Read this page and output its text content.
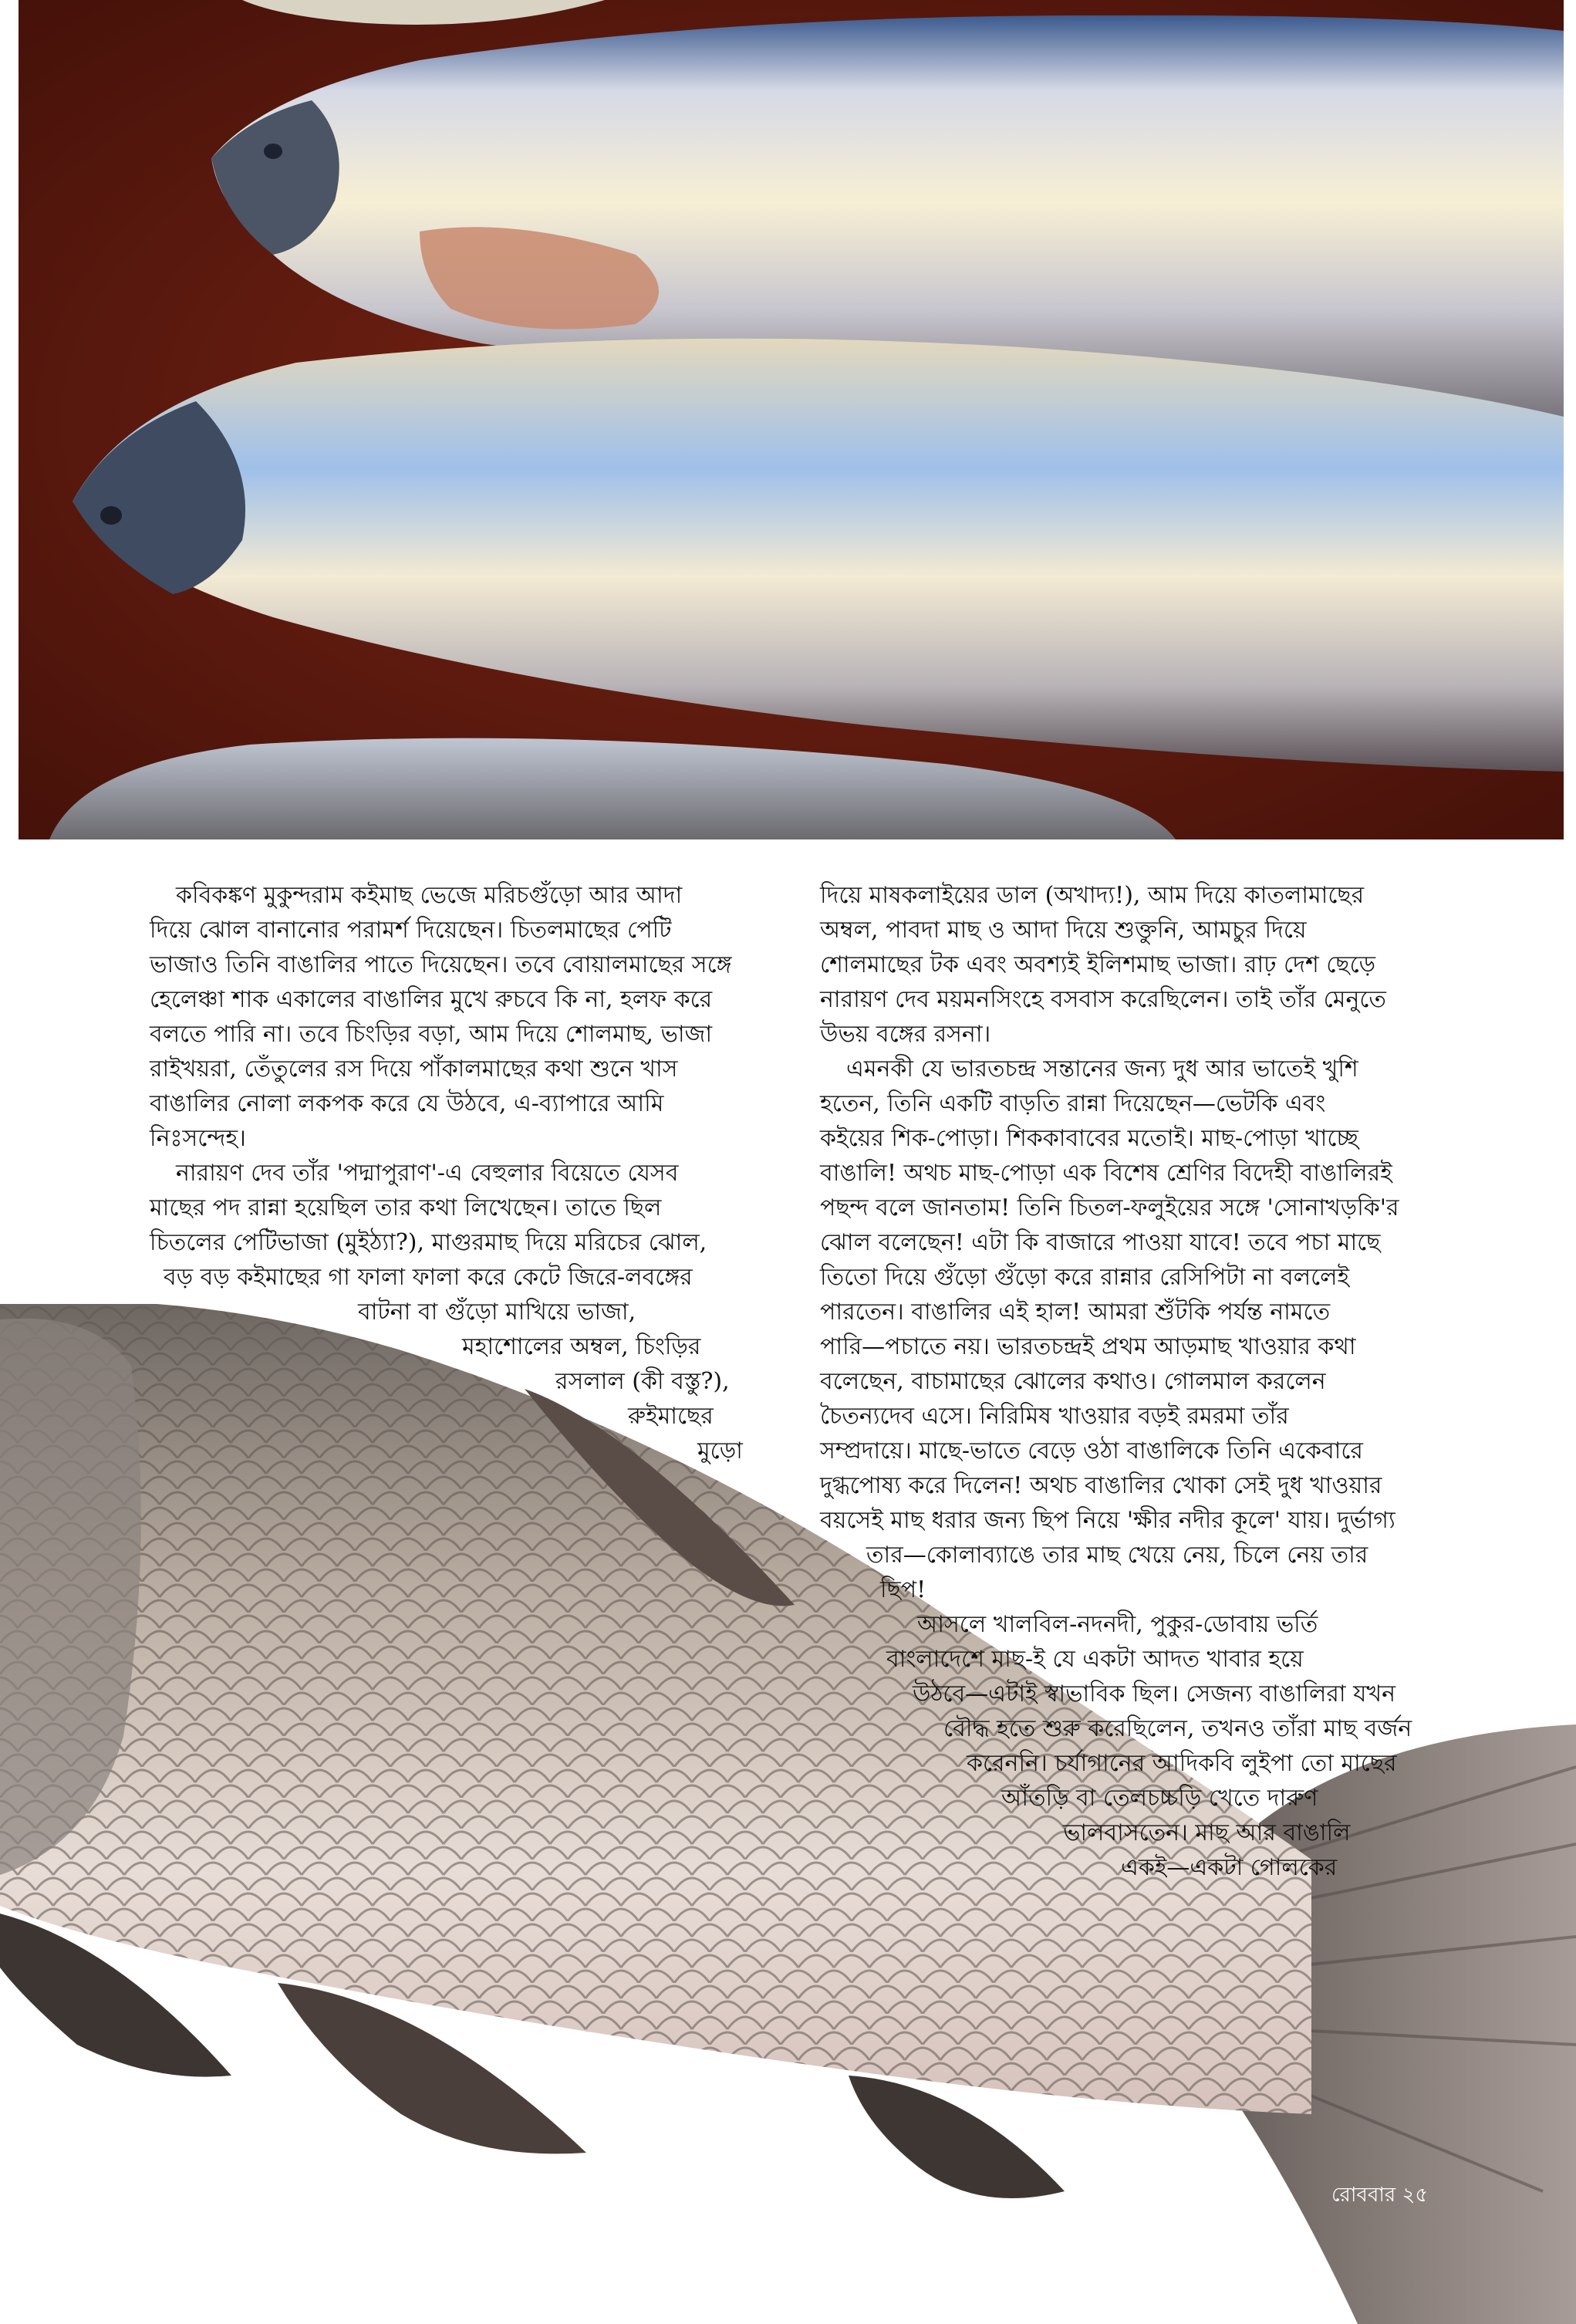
কবিকঙ্কণ মুকুন্দরাম কইমাছ ভেজে মরিচগুঁড়ো আর আদা
দিয়ে ঝোল বানানোর পরামর্শ দিয়েছেন। চিতলমাছের পেটি
ভাজাও তিনি বাঙালির পাতে দিয়েছেন। তবে বোয়ালমাছের সঙ্গে
হেলেঞ্চা শাক একালের বাঙালির মুখে রুচবে কি না, হলফ করে
বলতে পারি না। তবে চিংড়ির বড়া, আম দিয়ে শোলমাছ, ভাজা
রাইখয়রা, তেঁতুলের রস দিয়ে পাঁকালমাছের কথা শুনে খাস
বাঙালির নোলা লকপক করে যে উঠবে, এ-ব্যাপারে আমি
নিঃসন্দেহ।
নারায়ণ দেব তাঁর 'পদ্মাপুরাণ'-এ বেহুলার বিয়েতে যেসব
মাছের পদ রান্না হয়েছিল তার কথা লিখেছেন। তাতে ছিল
চিতলের পেটিভাজা (মুইঠ্যা?), মাগুরমাছ দিয়ে মরিচের ঝোল,
বড় বড় কইমাছের গা ফালা ফালা করে কেটে জিরে-লবঙ্গের
বাটনা বা গুঁড়ো মাখিয়ে ভাজা,
মহাশোলের অম্বল, চিংড়ির
রসলাল (কী বস্তু?),
রুইমাছের
মুড়ো
দিয়ে মাষকলাইয়ের ডাল (অখাদ্য!), আম দিয়ে কাতলামাছের
অম্বল, পাবদা মাছ ও আদা দিয়ে শুক্তুনি, আমচুর দিয়ে
শোলমাছের টক এবং অবশ্যই ইলিশমাছ ভাজা। রাঢ় দেশ ছেড়ে
নারায়ণ দেব ময়মনসিংহে বসবাস করেছিলেন। তাই তাঁর মেনুতে
উভয় বঙ্গের রসনা।
এমনকী যে ভারতচন্দ্র সন্তানের জন্য দুধ আর ভাতেই খুশি
হতেন, তিনি একটি বাড়তি রান্না দিয়েছেন—ভেটকি এবং
কইয়ের শিক-পোড়া। শিককাবাবের মতোই। মাছ-পোড়া খাচ্ছে
বাঙালি! অথচ মাছ-পোড়া এক বিশেষ শ্রেণির বিদেহী বাঙালিরই
পছন্দ বলে জানতাম! তিনি চিতল-ফলুইয়ের সঙ্গে 'সোনাখড়কি'র
ঝোল বলেছেন! এটা কি বাজারে পাওয়া যাবে! তবে পচা মাছে
তিতো দিয়ে গুঁড়ো গুঁড়ো করে রান্নার রেসিপিটা না বললেই
পারতেন। বাঙালির এই হাল! আমরা শুঁটকি পর্যন্ত নামতে
পারি—পচাতে নয়। ভারতচন্দ্রই প্রথম আড়মাছ খাওয়ার কথা
বলেছেন, বাচামাছের ঝোলের কথাও। গোলমাল করলেন
চৈতন্যদেব এসে। নিরিমিষ খাওয়ার বড়ই রমরমা তাঁর
সম্প্রদায়ে। মাছে-ভাতে বেড়ে ওঠা বাঙালিকে তিনি একেবারে
দুগ্ধপোষ্য করে দিলেন! অথচ বাঙালির খোকা সেই দুধ খাওয়ার
বয়সেই মাছ ধরার জন্য ছিপ নিয়ে 'ক্ষীর নদীর কূলে' যায়। দুর্ভাগ্য
তার—কোলাব্যাঙে তার মাছ খেয়ে নেয়, চিলে নেয় তার
ছিপ!
আসলে খালবিল-নদনদী, পুকুর-ডোবায় ভর্তি
বাংলাদেশে মাছ-ই যে একটা আদত খাবার হয়ে
উঠবে—এটাই স্বাভাবিক ছিল। সেজন্য বাঙালিরা যখন
বৌদ্ধ হতে শুরু করেছিলেন, তখনও তাঁরা মাছ বর্জন
করেননি। চর্যাগানের আদিকবি লুইপা তো মাছের
আঁতড়ি বা তেলচচ্চড়ি খেতে দারুণ
ভালবাসতেন। মাছ আর বাঙালি
একই—একটা গোলকের
রোববার ২৫
